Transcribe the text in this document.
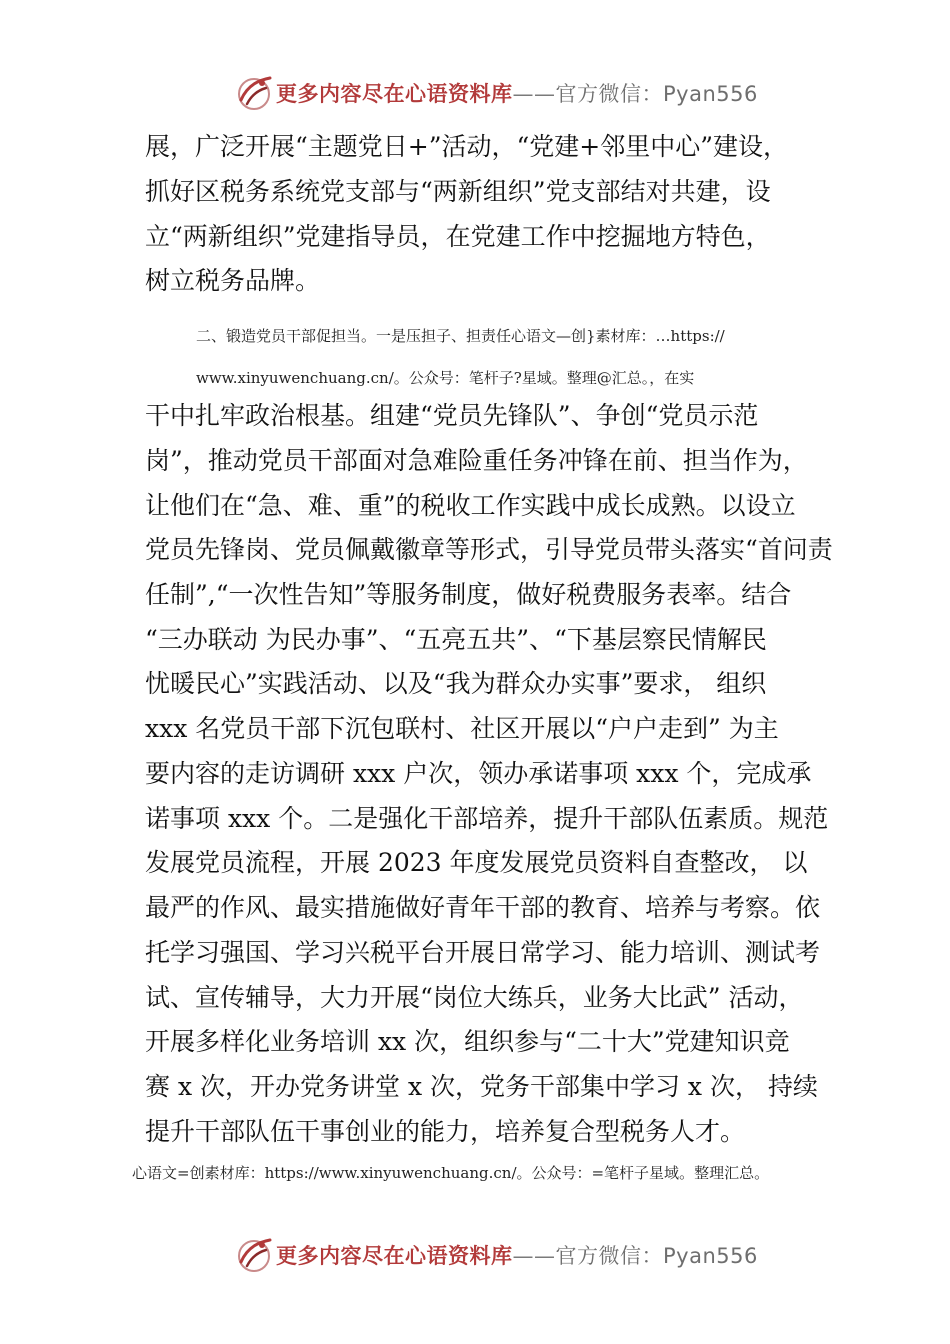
更多内容尽在心语资料库——官方微信：Pyan556
展，广泛开展“主题党日+”活动，“党建+邻里中心”建设，
抓好区税务系统党支部与“两新组织”党支部结对共建，设
立“两新组织”党建指导员，在党建工作中挖掘地方特色，
树立税务品牌。
二、锻造党员干部促担当。一是压担子、担责任心语文—创}素材库：…https://
www.xinyuwenchuang.cn/。公众号：笔杆子?星域。整理@汇总。，在实
干中扎牢政治根基。组建“党员先锋队”、争创“党员示范
岗”，推动党员干部面对急难险重任务冲锋在前、担当作为，
让他们在“急、难、重”的税收工作实践中成长成熟。以设立
党员先锋岗、党员佩戴徽章等形式，引导党员带头落实“首问责
任制”,“一次性告知”等服务制度，做好税费服务表率。结合
“三办联动 为民办事”、“五亮五共”、“下基层察民情解民
忧暖民心”实践活动、以及“我为群众办实事”要求， 组织
xxx 名党员干部下沉包联村、社区开展以“户户走到” 为主
要内容的走访调研 xxx 户次，领办承诺事项 xxx 个，完成承
诺事项 xxx 个。二是强化干部培养，提升干部队伍素质。规范
发展党员流程，开展 2023 年度发展党员资料自查整改， 以
最严的作风、最实措施做好青年干部的教育、培养与考察。依
托学习强国、学习兴税平台开展日常学习、能力培训、测试考
试、宣传辅导，大力开展“岗位大练兵，业务大比武” 活动，
开展多样化业务培训 xx 次，组织参与“二十大”党建知识竞
赛 x 次，开办党务讲堂 x 次，党务干部集中学习 x 次， 持续
提升干部队伍干事创业的能力，培养复合型税务人才。
心语文=创素材库：https://www.xinyuwenchuang.cn/。公众号：=笔杆子星域。整理汇总。
更多内容尽在心语资料库——官方微信：Pyan556
